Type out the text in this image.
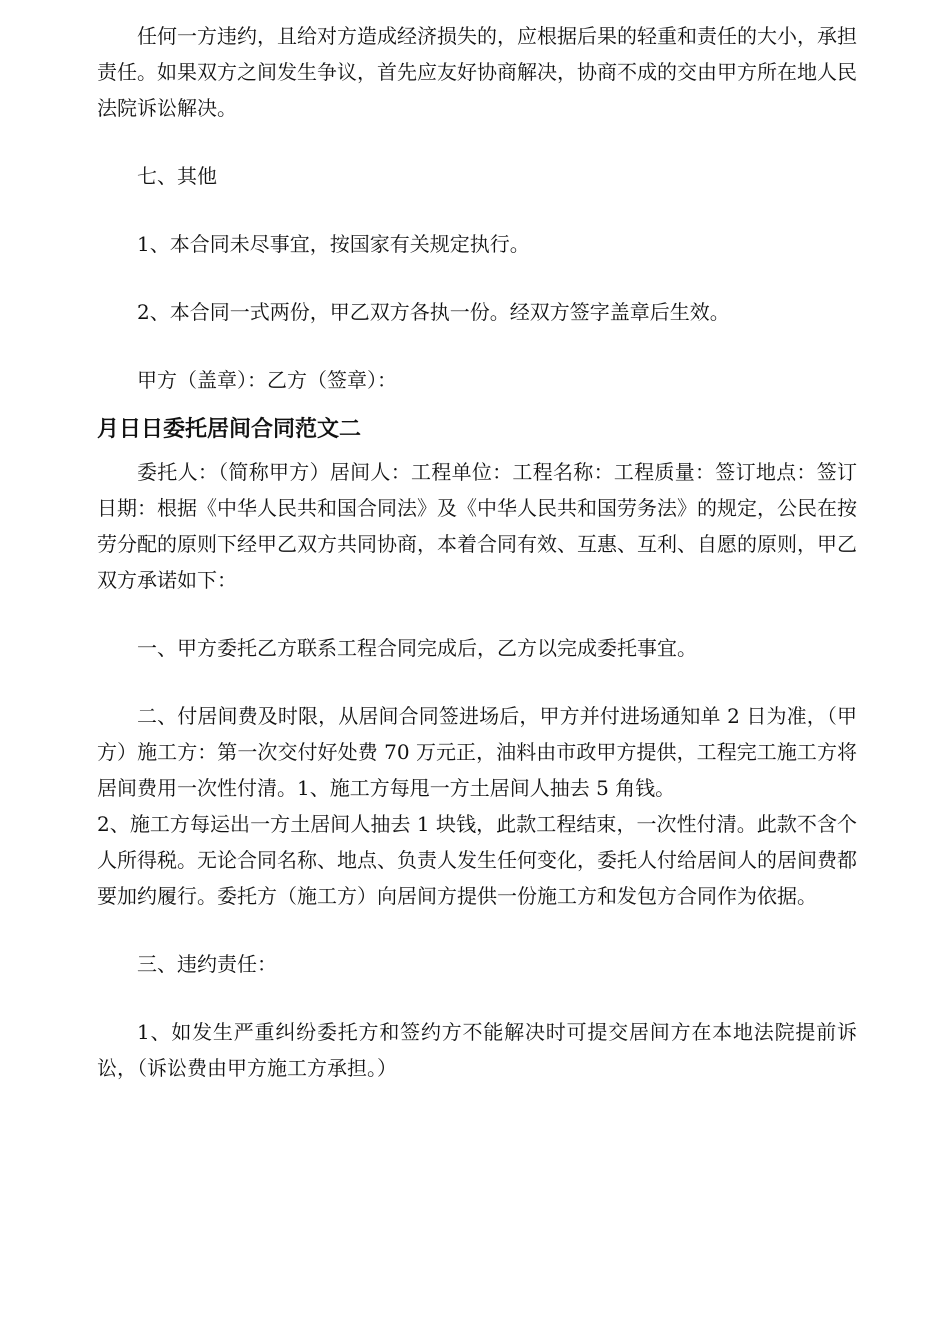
任何一方违约，且给对方造成经济损失的，应根据后果的轻重和责任的大小，承担责任。如果双方之间发生争议，首先应友好协商解决，协商不成的交由甲方所在地人民法院诉讼解决。

七、其他

1、本合同未尽事宜，按国家有关规定执行。

2、本合同一式两份，甲乙双方各执一份。经双方签字盖章后生效。

甲方（盖章）：乙方（签章）：

月日日委托居间合同范文二

委托人：（简称甲方）居间人：工程单位：工程名称：工程质量：签订地点：签订日期：根据《中华人民共和国合同法》及《中华人民共和国劳务法》的规定，公民在按劳分配的原则下经甲乙双方共同协商，本着合同有效、互惠、互利、自愿的原则，甲乙双方承诺如下：

一、甲方委托乙方联系工程合同完成后，乙方以完成委托事宜。

二、付居间费及时限，从居间合同签进场后，甲方并付进场通知单 2 日为准，（甲方）施工方：第一次交付好处费 70 万元正，油料由市政甲方提供，工程完工施工方将居间费用一次性付清。1、施工方每甩一方土居间人抽去 5 角钱。

2、施工方每运出一方土居间人抽去 1 块钱，此款工程结束，一次性付清。此款不含个人所得税。无论合同名称、地点、负责人发生任何变化，委托人付给居间人的居间费都要加约履行。委托方（施工方）向居间方提供一份施工方和发包方合同作为依据。

三、违约责任：

1、如发生严重纠纷委托方和签约方不能解决时可提交居间方在本地法院提前诉讼，（诉讼费由甲方施工方承担。）
